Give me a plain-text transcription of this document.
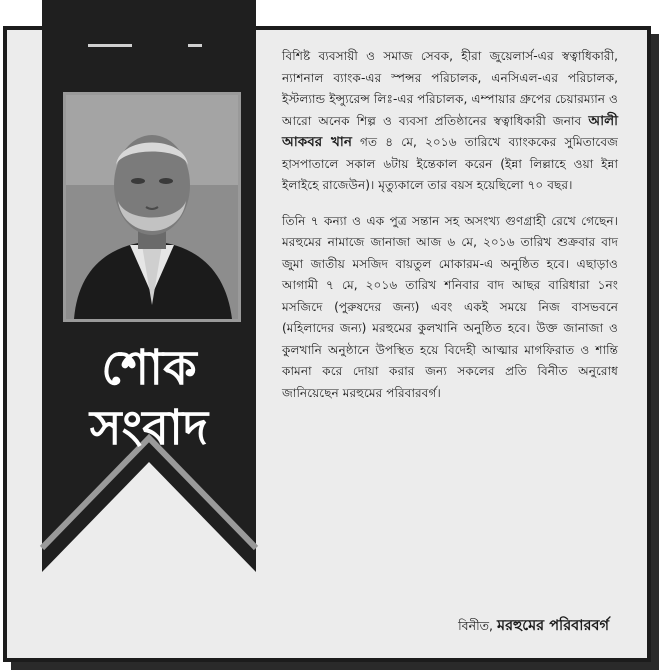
শোক
সংবাদ

বিশিষ্ট ব্যবসায়ী ও সমাজ সেবক, হীরা জুয়েলার্স-এর স্বত্বাধিকারী, ন্যাশনাল ব্যাংক-এর স্পন্সর পরিচালক, এনসিএল-এর পরিচালক, ইস্টল্যান্ড ইন্স্যুরেন্স লিঃ-এর পরিচালক, এম্পায়ার গ্রুপের চেয়ারম্যান ও আরো অনেক শিল্প ও ব্যবসা প্রতিষ্ঠানের স্বত্বাধিকারী জনাব আলী আকবর খান গত ৪ মে, ২০১৬ তারিখে ব্যাংককের সুমিতাবেজ হাসপাতালে সকাল ৬টায় ইন্তেকাল করেন (ইন্না লিল্লাহে ওয়া ইন্না ইলাইহে রাজেউন)। মৃত্যুকালে তার বয়স হয়েছিলো ৭০ বছর।

তিনি ৭ কন্যা ও এক পুত্র সন্তান সহ অসংখ্য গুণগ্রাহী রেখে গেছেন। মরহুমের নামাজে জানাজা আজ ৬ মে, ২০১৬ তারিখ শুক্রবার বাদ জুমা জাতীয় মসজিদ বায়তুল মোকারম-এ অনুষ্ঠিত হবে। এছাড়াও আগামী ৭ মে, ২০১৬ তারিখ শনিবার বাদ আছর বারিধারা ১নং মসজিদে (পুরুষদের জন্য) এবং একই সময়ে নিজ বাসভবনে (মহিলাদের জন্য) মরহুমের কুলখানি অনুষ্ঠিত হবে। উক্ত জানাজা ও কুলখানি অনুষ্ঠানে উপস্থিত হয়ে বিদেহী আত্মার মাগফিরাত ও শান্তি কামনা করে দোয়া করার জন্য সকলের প্রতি বিনীত অনুরোধ জানিয়েছেন মরহুমের পরিবারবর্গ।

বিনীত, মরহুমের পরিবারবর্গ
